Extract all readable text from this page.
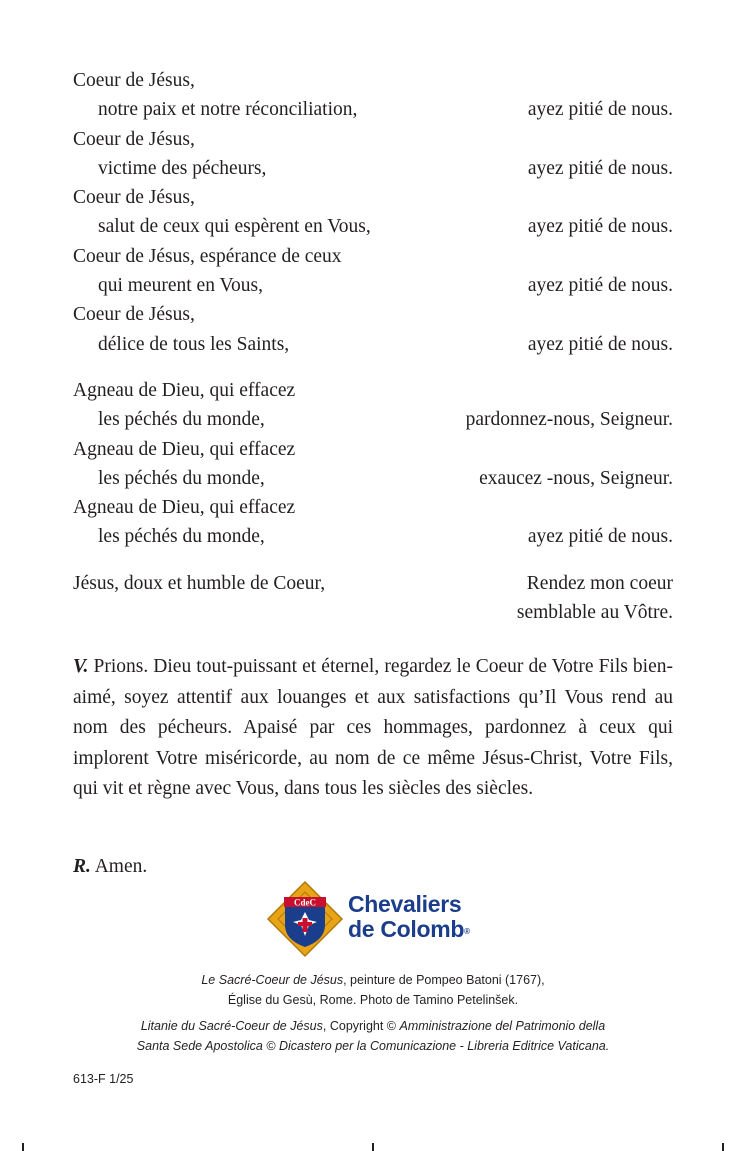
Coeur de Jésus,
notre paix et notre réconciliation,	ayez pitié de nous.
Coeur de Jésus,
victime des pécheurs,	ayez pitié de nous.
Coeur de Jésus,
salut de ceux qui espèrent en Vous,	ayez pitié de nous.
Coeur de Jésus, espérance de ceux
qui meurent en Vous,	ayez pitié de nous.
Coeur de Jésus,
délice de tous les Saints,	ayez pitié de nous.
Agneau de Dieu, qui effacez
les péchés du monde,	pardonnez-nous, Seigneur.
Agneau de Dieu, qui effacez
les péchés du monde,	exaucez -nous, Seigneur.
Agneau de Dieu, qui effacez
les péchés du monde,	ayez pitié de nous.
Jésus, doux et humble de Coeur,	Rendez mon coeur
semblable au Vôtre.
V. Prions. Dieu tout-puissant et éternel, regardez le Coeur de Votre Fils bien-aimé, soyez attentif aux louanges et aux satisfactions qu’Il Vous rend au nom des pécheurs. Apaisé par ces hommages, pardonnez à ceux qui implorent Votre miséricorde, au nom de ce même Jésus-Christ, Votre Fils, qui vit et règne avec Vous, dans tous les siècles des siècles.
R. Amen.
CdeC Chevaliers
de Colomb®
Le Sacré-Coeur de Jésus, peinture de Pompeo Batoni (1767),
Église du Gesù, Rome. Photo de Tamino Petelinšek.
Litanie du Sacré-Coeur de Jésus, Copyright © Amministrazione del Patrimonio della
Santa Sede Apostolica © Dicastero per la Comunicazione - Libreria Editrice Vaticana.
613-F 1/25
